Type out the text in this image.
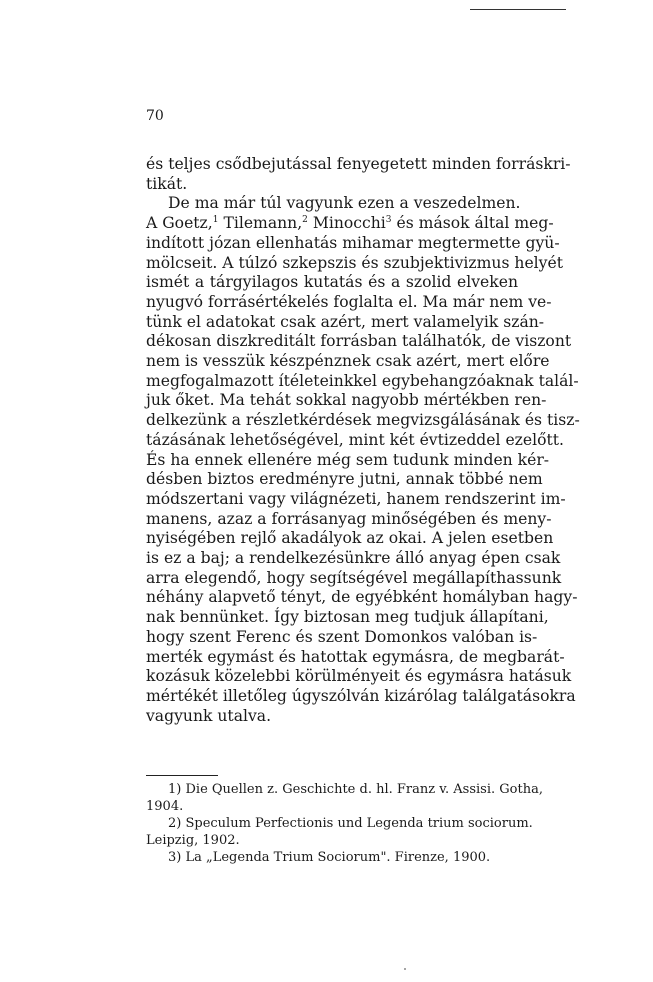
70
és teljes csődbejutással fenyegetett minden forráskri-
tikát.
De ma már túl vagyunk ezen a veszedelmen.
A Goetz,$^1$ Tilemann,$^2$ Minocchi$^3$ és mások által meg-
indított józan ellenhatás mihamar megtermette gyü-
mölcseit. A túlzó szkepszis és szubjektivizmus helyét
ismét a tárgyilagos kutatás és a szolid elveken
nyugvó forrásértékelés foglalta el. Ma már nem ve-
tünk el adatokat csak azért, mert valamelyik szán-
dékosan diszkreditált forrásban találhatók, de viszont
nem is vesszük készpénznek csak azért, mert előre
megfogalmazott ítéleteinkkel egybehangzóaknak talál-
juk őket. Ma tehát sokkal nagyobb mértékben ren-
delkezünk a részletkérdések megvizsgálásának és tisz-
tázásának lehetőségével, mint két évtizeddel ezelőtt.
És ha ennek ellenére még sem tudunk minden kér-
désben biztos eredményre jutni, annak többé nem
módszertani vagy világnézeti, hanem rendszerint im-
manens, azaz a forrásanyag minőségében és meny-
nyiségében rejlő akadályok az okai. A jelen esetben
is ez a baj; a rendelkezésünkre álló anyag épen csak
arra elegendő, hogy segítségével megállapíthassunk
néhány alapvető tényt, de egyébként homályban hagy-
nak bennünket. Így biztosan meg tudjuk állapítani,
hogy szent Ferenc és szent Domonkos valóban is-
merték egymást és hatottak egymásra, de megbarát-
kozásuk közelebbi körülményeit és egymásra hatásuk
mértékét illetőleg úgyszólván kizárólag találgatásokra
vagyunk utalva.
1) Die Quellen z. Geschichte d. hl. Franz v. Assisi. Gotha,
1904.
2) Speculum Perfectionis und Legenda trium sociorum.
Leipzig, 1902.
3) La „Legenda Trium Sociorum". Firenze, 1900.
